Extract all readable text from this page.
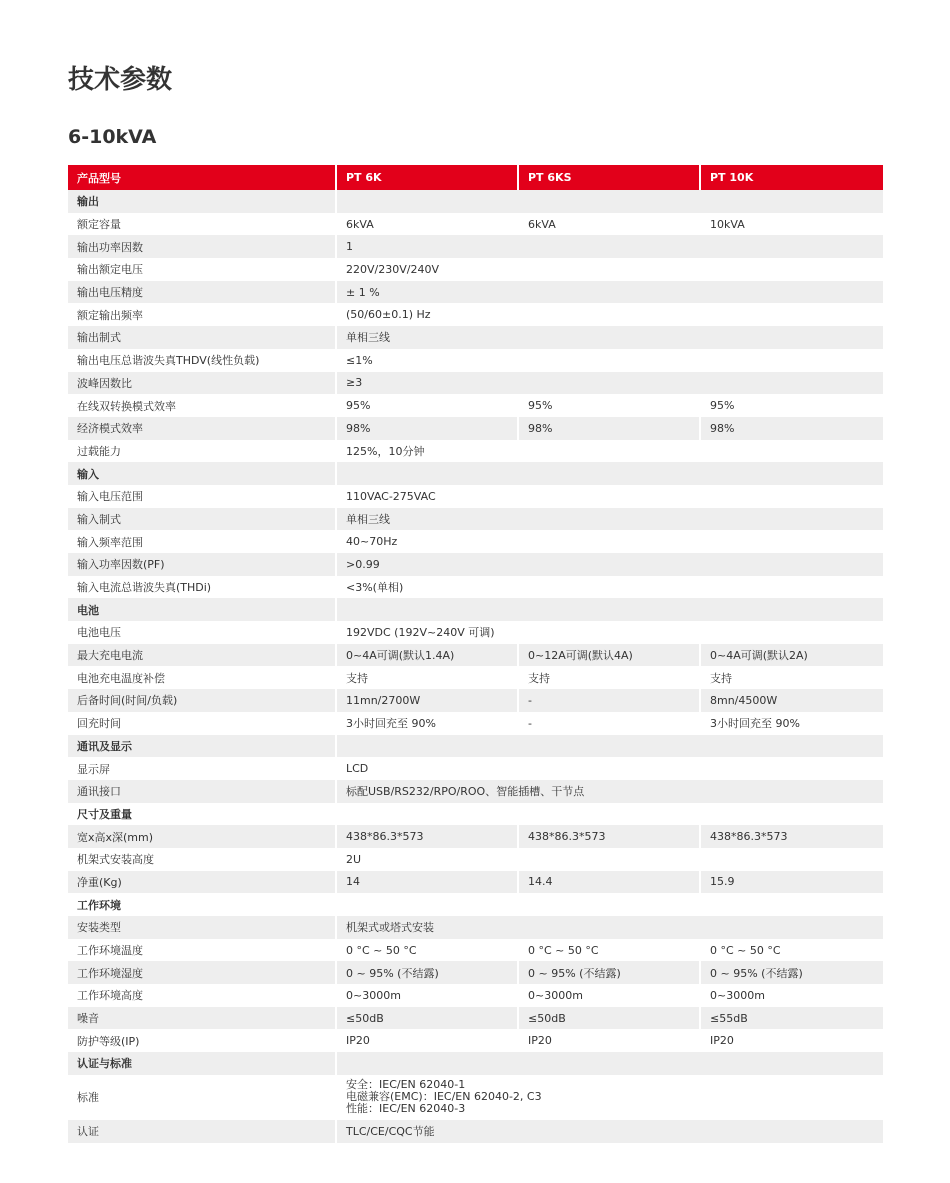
技术参数
6-10kVA
产品型号	PT 6K	PT 6KS	PT 10K
输出			
额定容量	6kVA	6kVA	10kVA
输出功率因数	1		
输出额定电压	220V/230V/240V		
输出电压精度	± 1 %		
额定输出频率	(50/60±0.1) Hz		
输出制式	单相三线		
输出电压总谐波失真THDV(线性负载)	≤1%		
波峰因数比	≥3		
在线双转换模式效率	95%	95%	95%
经济模式效率	98%	98%	98%
过载能力	125%，10分钟		
输入			
输入电压范围	110VAC-275VAC		
输入制式	单相三线		
输入频率范围	40~70Hz		
输入功率因数(PF)	>0.99		
输入电流总谐波失真(THDi)	<3%(单相)		
电池			
电池电压	192VDC (192V~240V 可调)		
最大充电电流	0~4A可调(默认1.4A)	0~12A可调(默认4A)	0~4A可调(默认2A)
电池充电温度补偿	支持	支持	支持
后备时间(时间/负载)	11mn/2700W	-	8mn/4500W
回充时间	3小时回充至 90%	-	3小时回充至 90%
通讯及显示			
显示屏	LCD		
通讯接口	标配USB/RS232/RPO/ROO、智能插槽、干节点		
尺寸及重量			
宽x高x深(mm)	438*86.3*573	438*86.3*573	438*86.3*573
机架式安装高度	2U		
净重(Kg)	14	14.4	15.9
工作环境			
安装类型	机架式或塔式安装		
工作环境温度	0 °C ~ 50 °C	0 °C ~ 50 °C	0 °C ~ 50 °C
工作环境湿度	0 ~ 95% (不结露)	0 ~ 95% (不结露)	0 ~ 95% (不结露)
工作环境高度	0~3000m	0~3000m	0~3000m
噪音	≤50dB	≤50dB	≤55dB
防护等级(IP)	IP20	IP20	IP20
认证与标准			
标准	安全：IEC/EN 62040-1
电磁兼容(EMC)：IEC/EN 62040-2, C3
性能：IEC/EN 62040-3		
认证	TLC/CE/CQC节能		
